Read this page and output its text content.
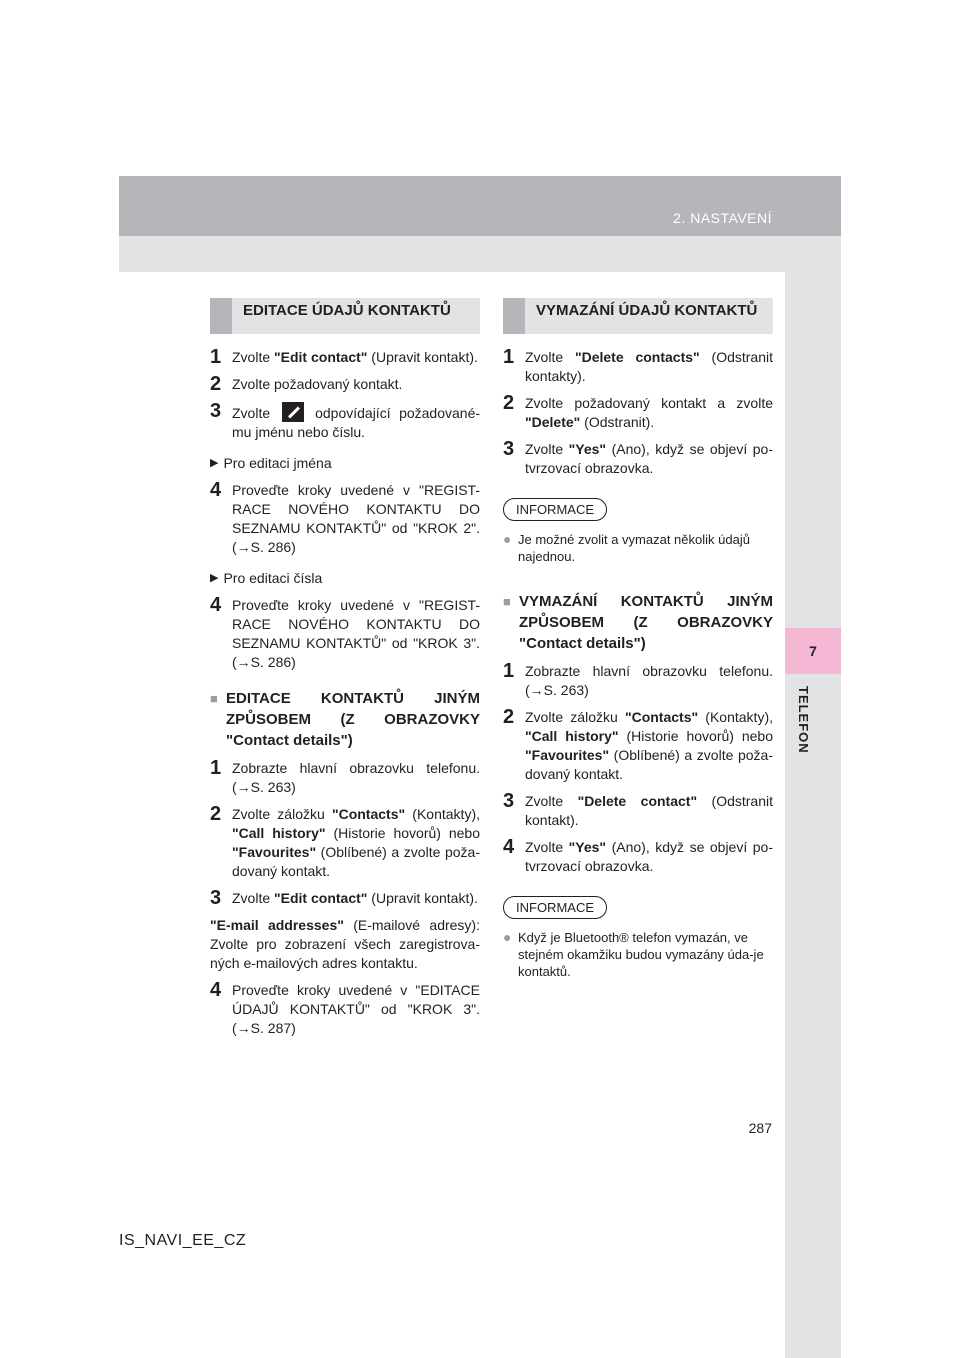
2. NASTAVENÍ
7
TELEFON
EDITACE ÚDAJŮ KONTAKTŮ
1 Zvolte "Edit contact" (Upravit kontakt).
2 Zvolte požadovaný kontakt.
3 Zvolte	odpovídající požadované-mu jménu nebo číslu.
▶ Pro editaci jména
4 Proveďte kroky uvedené v "REGIST-RACE NOVÉHO KONTAKTU DO SEZNAMU KONTAKTŮ" od "KROK 2". (→S. 286)
▶ Pro editaci čísla
4 Proveďte kroky uvedené v "REGIST-RACE NOVÉHO KONTAKTU DO SEZNAMU KONTAKTŮ" od "KROK 3". (→S. 286)
■ EDITACE KONTAKTŮ JINÝM ZPŮSOBEM (Z OBRAZOVKY "Contact details")
1 Zobrazte hlavní obrazovku telefonu. (→S. 263)
2 Zvolte záložku "Contacts" (Kontakty), "Call history" (Historie hovorů) nebo "Favourites" (Oblíbené) a zvolte poža-dovaný kontakt.
3 Zvolte "Edit contact" (Upravit kontakt).
"E-mail addresses" (E-mailové adresy): Zvolte pro zobrazení všech zaregistrova-ných e-mailových adres kontaktu.
4 Proveďte kroky uvedené v "EDITACE ÚDAJŮ KONTAKTŮ" od "KROK 3". (→S. 287)
VYMAZÁNÍ ÚDAJŮ KONTAKTŮ
1 Zvolte "Delete contacts" (Odstranit kontakty).
2 Zvolte požadovaný kontakt a zvolte "Delete" (Odstranit).
3 Zvolte "Yes" (Ano), když se objeví po-tvrzovací obrazovka.
INFORMACE
● Je možné zvolit a vymazat několik údajů najednou.
■ VYMAZÁNÍ KONTAKTŮ JINÝM ZPŮSOBEM (Z OBRAZOVKY "Contact details")
1 Zobrazte hlavní obrazovku telefonu. (→S. 263)
2 Zvolte záložku "Contacts" (Kontakty), "Call history" (Historie hovorů) nebo "Favourites" (Oblíbené) a zvolte poža-dovaný kontakt.
3 Zvolte "Delete contact" (Odstranit kontakt).
4 Zvolte "Yes" (Ano), když se objeví po-tvrzovací obrazovka.
INFORMACE
● Když je Bluetooth® telefon vymazán, ve stejném okamžiku budou vymazány úda-je kontaktů.
287
IS_NAVI_EE_CZ
